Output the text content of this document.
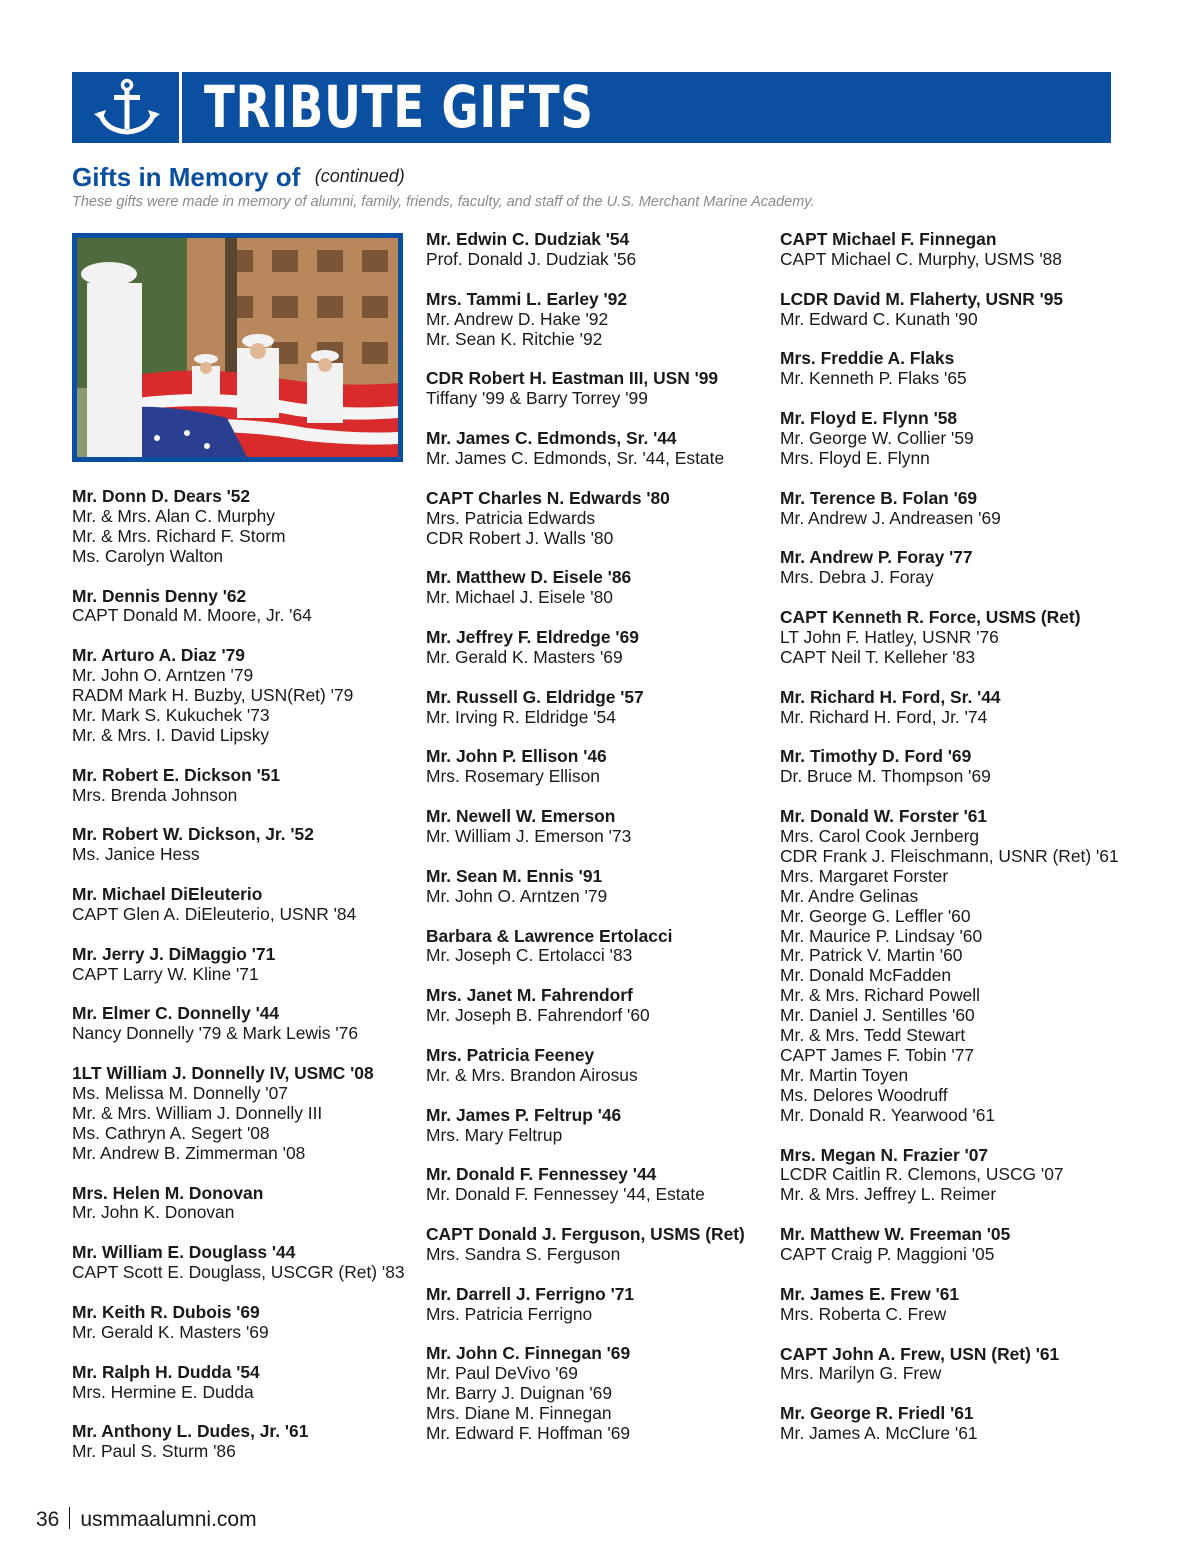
TRIBUTE GIFTS
Gifts in Memory of (continued)
These gifts were made in memory of alumni, family, friends, faculty, and staff of the U.S. Merchant Marine Academy.
Mr. Donn D. Dears '52
Mr. & Mrs. Alan C. Murphy
Mr. & Mrs. Richard F. Storm
Ms. Carolyn Walton
Mr. Dennis Denny '62
CAPT Donald M. Moore, Jr. '64
Mr. Arturo A. Diaz '79
Mr. John O. Arntzen '79
RADM Mark H. Buzby, USN(Ret) '79
Mr. Mark S. Kukuchek '73
Mr. & Mrs. I. David Lipsky
Mr. Robert E. Dickson '51
Mrs. Brenda Johnson
Mr. Robert W. Dickson, Jr. '52
Ms. Janice Hess
Mr. Michael DiEleuterio
CAPT Glen A. DiEleuterio, USNR '84
Mr. Jerry J. DiMaggio '71
CAPT Larry W. Kline '71
Mr. Elmer C. Donnelly '44
Nancy Donnelly '79 & Mark Lewis '76
1LT William J. Donnelly IV, USMC '08
Ms. Melissa M. Donnelly '07
Mr. & Mrs. William J. Donnelly III
Ms. Cathryn A. Segert '08
Mr. Andrew B. Zimmerman '08
Mrs. Helen M. Donovan
Mr. John K. Donovan
Mr. William E. Douglass '44
CAPT Scott E. Douglass, USCGR (Ret) '83
Mr. Keith R. Dubois '69
Mr. Gerald K. Masters '69
Mr. Ralph H. Dudda '54
Mrs. Hermine E. Dudda
Mr. Anthony L. Dudes, Jr. '61
Mr. Paul S. Sturm '86
Mr. Edwin C. Dudziak '54
Prof. Donald J. Dudziak '56
Mrs. Tammi L. Earley '92
Mr. Andrew D. Hake '92
Mr. Sean K. Ritchie '92
CDR Robert H. Eastman III, USN '99
Tiffany '99 & Barry Torrey '99
Mr. James C. Edmonds, Sr. '44
Mr. James C. Edmonds, Sr. '44, Estate
CAPT Charles N. Edwards '80
Mrs. Patricia Edwards
CDR Robert J. Walls '80
Mr. Matthew D. Eisele '86
Mr. Michael J. Eisele '80
Mr. Jeffrey F. Eldredge '69
Mr. Gerald K. Masters '69
Mr. Russell G. Eldridge '57
Mr. Irving R. Eldridge '54
Mr. John P. Ellison '46
Mrs. Rosemary Ellison
Mr. Newell W. Emerson
Mr. William J. Emerson '73
Mr. Sean M. Ennis '91
Mr. John O. Arntzen '79
Barbara & Lawrence Ertolacci
Mr. Joseph C. Ertolacci '83
Mrs. Janet M. Fahrendorf
Mr. Joseph B. Fahrendorf '60
Mrs. Patricia Feeney
Mr. & Mrs. Brandon Airosus
Mr. James P. Feltrup '46
Mrs. Mary Feltrup
Mr. Donald F. Fennessey '44
Mr. Donald F. Fennessey '44, Estate
CAPT Donald J. Ferguson, USMS (Ret)
Mrs. Sandra S. Ferguson
Mr. Darrell J. Ferrigno '71
Mrs. Patricia Ferrigno
Mr. John C. Finnegan '69
Mr. Paul DeVivo '69
Mr. Barry J. Duignan '69
Mrs. Diane M. Finnegan
Mr. Edward F. Hoffman '69
CAPT Michael F. Finnegan
CAPT Michael C. Murphy, USMS '88
LCDR David M. Flaherty, USNR '95
Mr. Edward C. Kunath '90
Mrs. Freddie A. Flaks
Mr. Kenneth P. Flaks '65
Mr. Floyd E. Flynn '58
Mr. George W. Collier '59
Mrs. Floyd E. Flynn
Mr. Terence B. Folan '69
Mr. Andrew J. Andreasen '69
Mr. Andrew P. Foray '77
Mrs. Debra J. Foray
CAPT Kenneth R. Force, USMS (Ret)
LT John F. Hatley, USNR '76
CAPT Neil T. Kelleher '83
Mr. Richard H. Ford, Sr. '44
Mr. Richard H. Ford, Jr. '74
Mr. Timothy D. Ford '69
Dr. Bruce M. Thompson '69
Mr. Donald W. Forster '61
Mrs. Carol Cook Jernberg
CDR Frank J. Fleischmann, USNR (Ret) '61
Mrs. Margaret Forster
Mr. Andre Gelinas
Mr. George G. Leffler '60
Mr. Maurice P. Lindsay '60
Mr. Patrick V. Martin '60
Mr. Donald McFadden
Mr. & Mrs. Richard Powell
Mr. Daniel J. Sentilles '60
Mr. & Mrs. Tedd Stewart
CAPT James F. Tobin '77
Mr. Martin Toyen
Ms. Delores Woodruff
Mr. Donald R. Yearwood '61
Mrs. Megan N. Frazier '07
LCDR Caitlin R. Clemons, USCG '07
Mr. & Mrs. Jeffrey L. Reimer
Mr. Matthew W. Freeman '05
CAPT Craig P. Maggioni '05
Mr. James E. Frew '61
Mrs. Roberta C. Frew
CAPT John A. Frew, USN (Ret) '61
Mrs. Marilyn G. Frew
Mr. George R. Friedl '61
Mr. James A. McClure '61
36 usmmaalumni.com
